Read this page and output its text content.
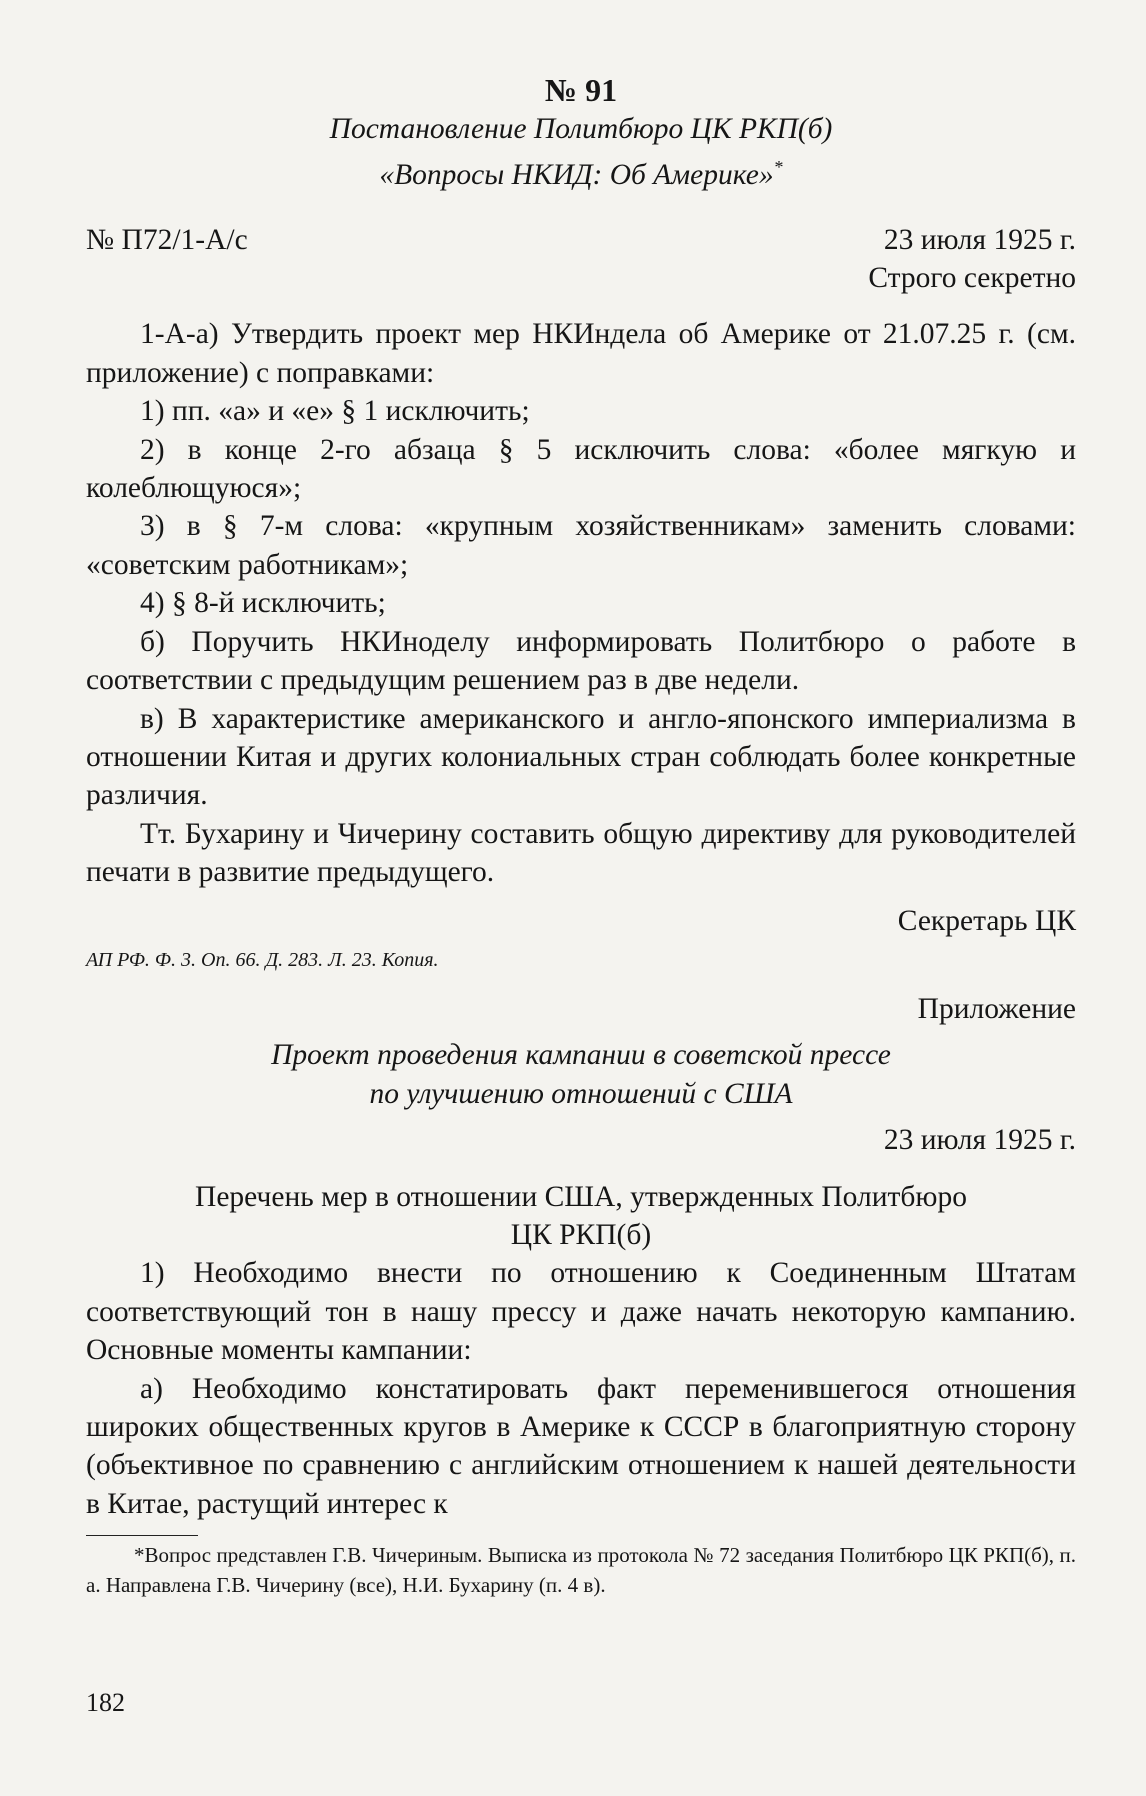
№ 91
Постановление Политбюро ЦК РКП(б)
«Вопросы НКИД: Об Америке»*
№ П72/1-А/с	23 июля 1925 г.
Строго секретно
1-А-а) Утвердить проект мер НКИндела об Америке от 21.07.25 г. (см. приложение) с поправками:
1) пп. «а» и «е» § 1 исключить;
2) в конце 2-го абзаца § 5 исключить слова: «более мягкую и колеблющуюся»;
3) в § 7-м слова: «крупным хозяйственникам» заменить словами: «советским работникам»;
4) § 8-й исключить;
б) Поручить НКИноделу информировать Политбюро о работе в соответствии с предыдущим решением раз в две недели.
в) В характеристике американского и англо-японского империализма в отношении Китая и других колониальных стран соблюдать более конкретные различия.
Тт. Бухарину и Чичерину составить общую директиву для руководителей печати в развитие предыдущего.
Секретарь ЦК
АП РФ. Ф. 3. Оп. 66. Д. 283. Л. 23. Копия.
Приложение
Проект проведения кампании в советской прессе
по улучшению отношений с США
23 июля 1925 г.
Перечень мер в отношении США, утвержденных Политбюро
ЦК РКП(б)
1) Необходимо внести по отношению к Соединенным Штатам соответствующий тон в нашу прессу и даже начать некоторую кампанию. Основные моменты кампании:
а) Необходимо констатировать факт переменившегося отношения широких общественных кругов в Америке к СССР в благоприятную сторону (объективное по сравнению с английским отношением к нашей деятельности в Китае, растущий интерес к
*Вопрос представлен Г.В. Чичериным. Выписка из протокола № 72 заседания Политбюро ЦК РКП(б), п. а. Направлена Г.В. Чичерину (все), Н.И. Бухарину (п. 4 в).
182
